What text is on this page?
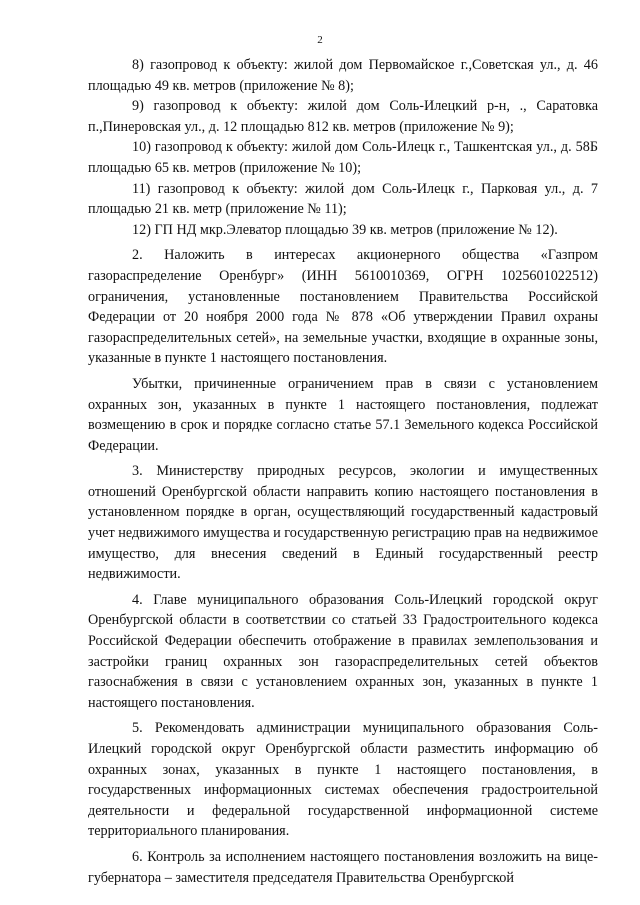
2

8) газопровод к объекту: жилой дом Первомайское г.,Советская ул., д. 46 площадью 49 кв. метров (приложение № 8);

9) газопровод к объекту: жилой дом Соль-Илецкий р-н, ., Саратовка п.,Пинеровская ул., д. 12 площадью 812 кв. метров (приложение № 9);

10) газопровод к объекту: жилой дом Соль-Илецк г., Ташкентская ул., д. 58Б площадью 65 кв. метров (приложение № 10);

11) газопровод к объекту: жилой дом Соль-Илецк г., Парковая ул., д. 7 площадью 21 кв. метр (приложение № 11);

12) ГП НД мкр.Элеватор площадью 39 кв. метров (приложение № 12).

2. Наложить в интересах акционерного общества «Газпром газораспределение Оренбург» (ИНН 5610010369, ОГРН 1025601022512) ограничения, установленные постановлением Правительства Российской Федерации от 20 ноября 2000 года № 878 «Об утверждении Правил охраны газораспределительных сетей», на земельные участки, входящие в охранные зоны, указанные в пункте 1 настоящего постановления.

Убытки, причиненные ограничением прав в связи с установлением охранных зон, указанных в пункте 1 настоящего постановления, подлежат возмещению в срок и порядке согласно статье 57.1 Земельного кодекса Российской Федерации.

3. Министерству природных ресурсов, экологии и имущественных отношений Оренбургской области направить копию настоящего постановления в установленном порядке в орган, осуществляющий государственный кадастровый учет недвижимого имущества и государственную регистрацию прав на недвижимое имущество, для внесения сведений в Единый государственный реестр недвижимости.

4. Главе муниципального образования Соль-Илецкий городской округ Оренбургской области в соответствии со статьей 33 Градостроительного кодекса Российской Федерации обеспечить отображение в правилах землепользования и застройки границ охранных зон газораспределительных сетей объектов газоснабжения в связи с установлением охранных зон, указанных в пункте 1 настоящего постановления.

5. Рекомендовать администрации муниципального образования Соль-Илецкий городской округ Оренбургской области разместить информацию об охранных зонах, указанных в пункте 1 настоящего постановления, в государственных информационных системах обеспечения градостроительной деятельности и федеральной государственной информационной системе территориального планирования.

6. Контроль за исполнением настоящего постановления возложить на вице-губернатора – заместителя председателя Правительства Оренбургской
